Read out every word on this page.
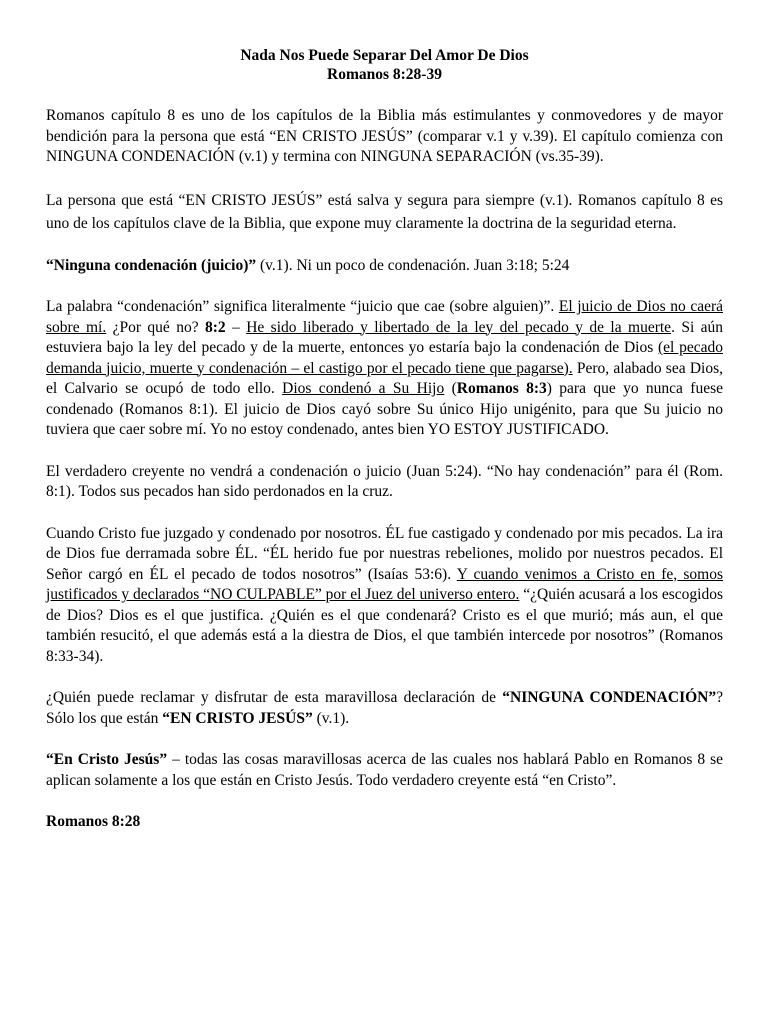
Nada Nos Puede Separar Del Amor De Dios
Romanos 8:28-39

Romanos capítulo 8 es uno de los capítulos de la Biblia más estimulantes y conmovedores y de mayor bendición para la persona que está “EN CRISTO JESÚS” (comparar v.1 y v.39). El capítulo comienza con NINGUNA CONDENACIÓN (v.1) y termina con NINGUNA SEPARACIÓN (vs.35-39).

La persona que está “EN CRISTO JESÚS” está salva y segura para siempre (v.1). Romanos capítulo 8 es uno de los capítulos clave de la Biblia, que expone muy claramente la doctrina de la seguridad eterna.

“Ninguna condenación (juicio)” (v.1). Ni un poco de condenación. Juan 3:18; 5:24

La palabra “condenación” significa literalmente “juicio que cae (sobre alguien)”. El juicio de Dios no caerá sobre mí. ¿Por qué no? 8:2 – He sido liberado y libertado de la ley del pecado y de la muerte. Si aún estuviera bajo la ley del pecado y de la muerte, entonces yo estaría bajo la condenación de Dios (el pecado demanda juicio, muerte y condenación – el castigo por el pecado tiene que pagarse). Pero, alabado sea Dios, el Calvario se ocupó de todo ello. Dios condenó a Su Hijo (Romanos 8:3) para que yo nunca fuese condenado (Romanos 8:1). El juicio de Dios cayó sobre Su único Hijo unigénito, para que Su juicio no tuviera que caer sobre mí. Yo no estoy condenado, antes bien YO ESTOY JUSTIFICADO.

El verdadero creyente no vendrá a condenación o juicio (Juan 5:24). “No hay condenación” para él (Rom. 8:1). Todos sus pecados han sido perdonados en la cruz.

Cuando Cristo fue juzgado y condenado por nosotros. ÉL fue castigado y condenado por mis pecados. La ira de Dios fue derramada sobre ÉL. “ÉL herido fue por nuestras rebeliones, molido por nuestros pecados. El Señor cargó en ÉL el pecado de todos nosotros” (Isaías 53:6). Y cuando venimos a Cristo en fe, somos justificados y declarados “NO CULPABLE” por el Juez del universo entero. “¿Quién acusará a los escogidos de Dios? Dios es el que justifica. ¿Quién es el que condenará? Cristo es el que murió; más aun, el que también resucitó, el que además está a la diestra de Dios, el que también intercede por nosotros” (Romanos 8:33-34).

¿Quién puede reclamar y disfrutar de esta maravillosa declaración de “NINGUNA CONDENACIÓN”? Sólo los que están “EN CRISTO JESÚS” (v.1).

“En Cristo Jesús” – todas las cosas maravillosas acerca de las cuales nos hablará Pablo en Romanos 8 se aplican solamente a los que están en Cristo Jesús. Todo verdadero creyente está “en Cristo”.

Romanos 8:28
